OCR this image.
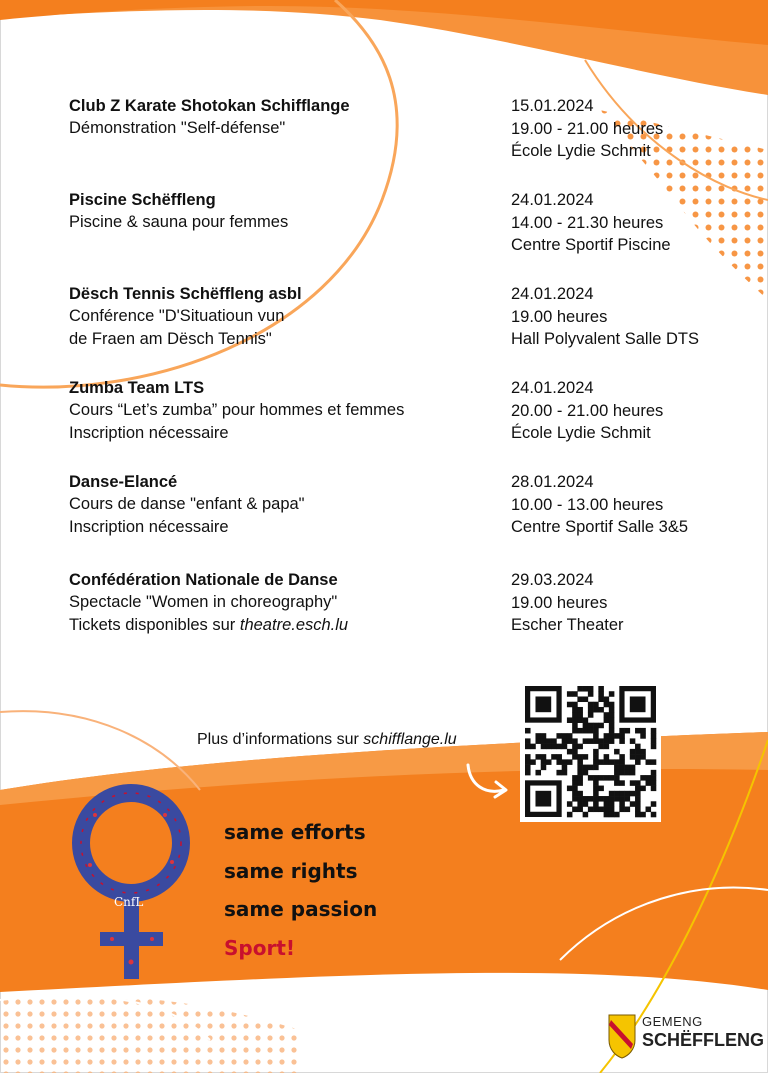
CnfL
Club Z Karate Shotokan Schifflange
Démonstration "Self-défense"
15.01.2024
19.00 - 21.00 heures
École Lydie Schmit
Piscine Schëffleng
Piscine & sauna pour femmes
24.01.2024
14.00 - 21.30 heures
Centre Sportif Piscine
Dësch Tennis Schëffleng asbl
Conférence "D'Situatioun vun
de Fraen am Dësch Tennis"
24.01.2024
19.00 heures
Hall Polyvalent Salle DTS
Zumba Team LTS
Cours “Let’s zumba” pour hommes et femmes
Inscription nécessaire
24.01.2024
20.00 - 21.00 heures
École Lydie Schmit
Danse-Elancé
Cours de danse "enfant & papa"
Inscription nécessaire
28.01.2024
10.00 - 13.00 heures
Centre Sportif Salle 3&5
Confédération Nationale de Danse
Spectacle "Women in choreography"
Tickets disponibles sur theatre.esch.lu
29.03.2024
19.00 heures
Escher Theater
Plus d’informations sur schifflange.lu
same efforts
same rights
same passion
Sport!
GEMENG
SCHËFFLENG
